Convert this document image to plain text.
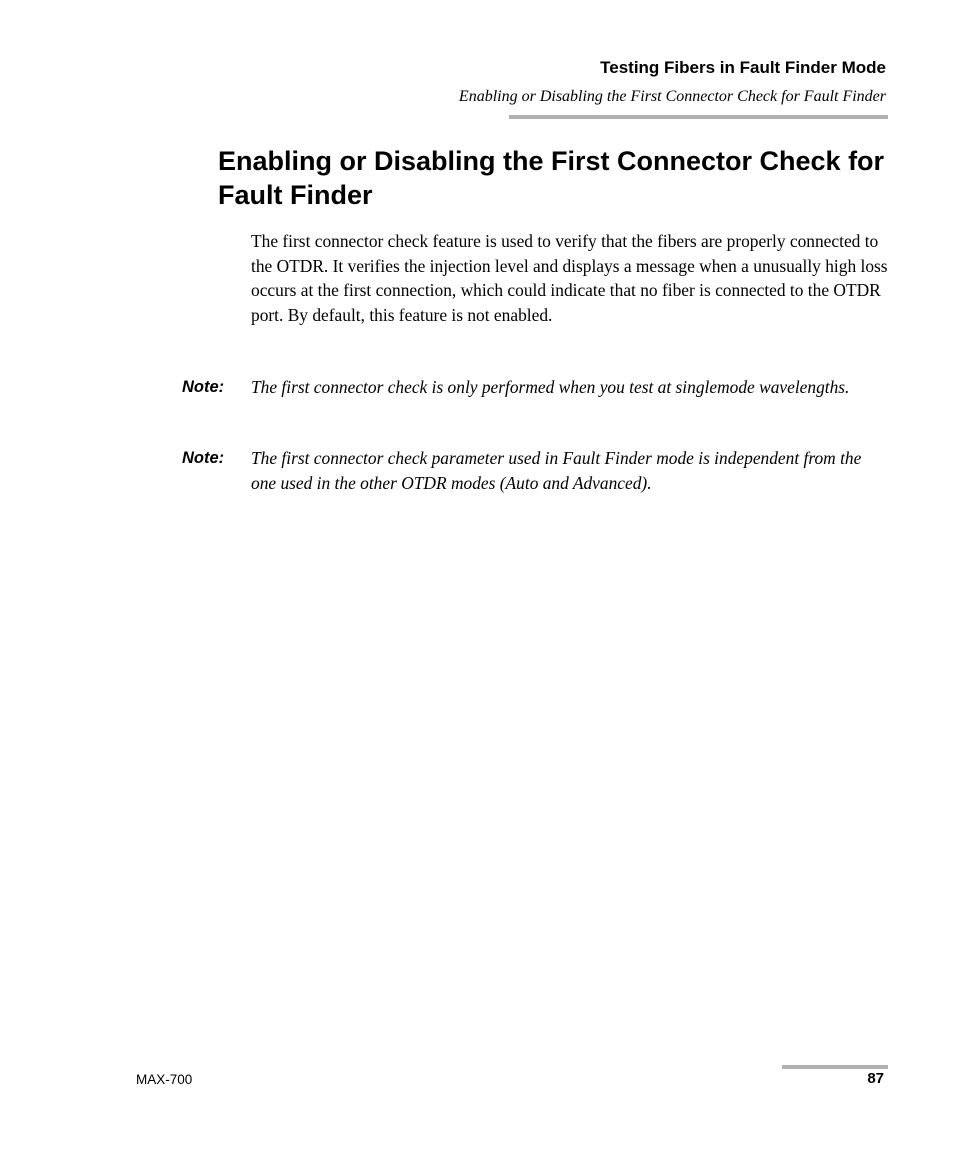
Testing Fibers in Fault Finder Mode
Enabling or Disabling the First Connector Check for Fault Finder
Enabling or Disabling the First Connector Check for Fault Finder

The first connector check feature is used to verify that the fibers are properly connected to the OTDR. It verifies the injection level and displays a message when a unusually high loss occurs at the first connection, which could indicate that no fiber is connected to the OTDR port. By default, this feature is not enabled.

Note:	The first connector check is only performed when you test at singlemode wavelengths.
Note:	The first connector check parameter used in Fault Finder mode is independent from the one used in the other OTDR modes (Auto and Advanced).
MAX-700	87
